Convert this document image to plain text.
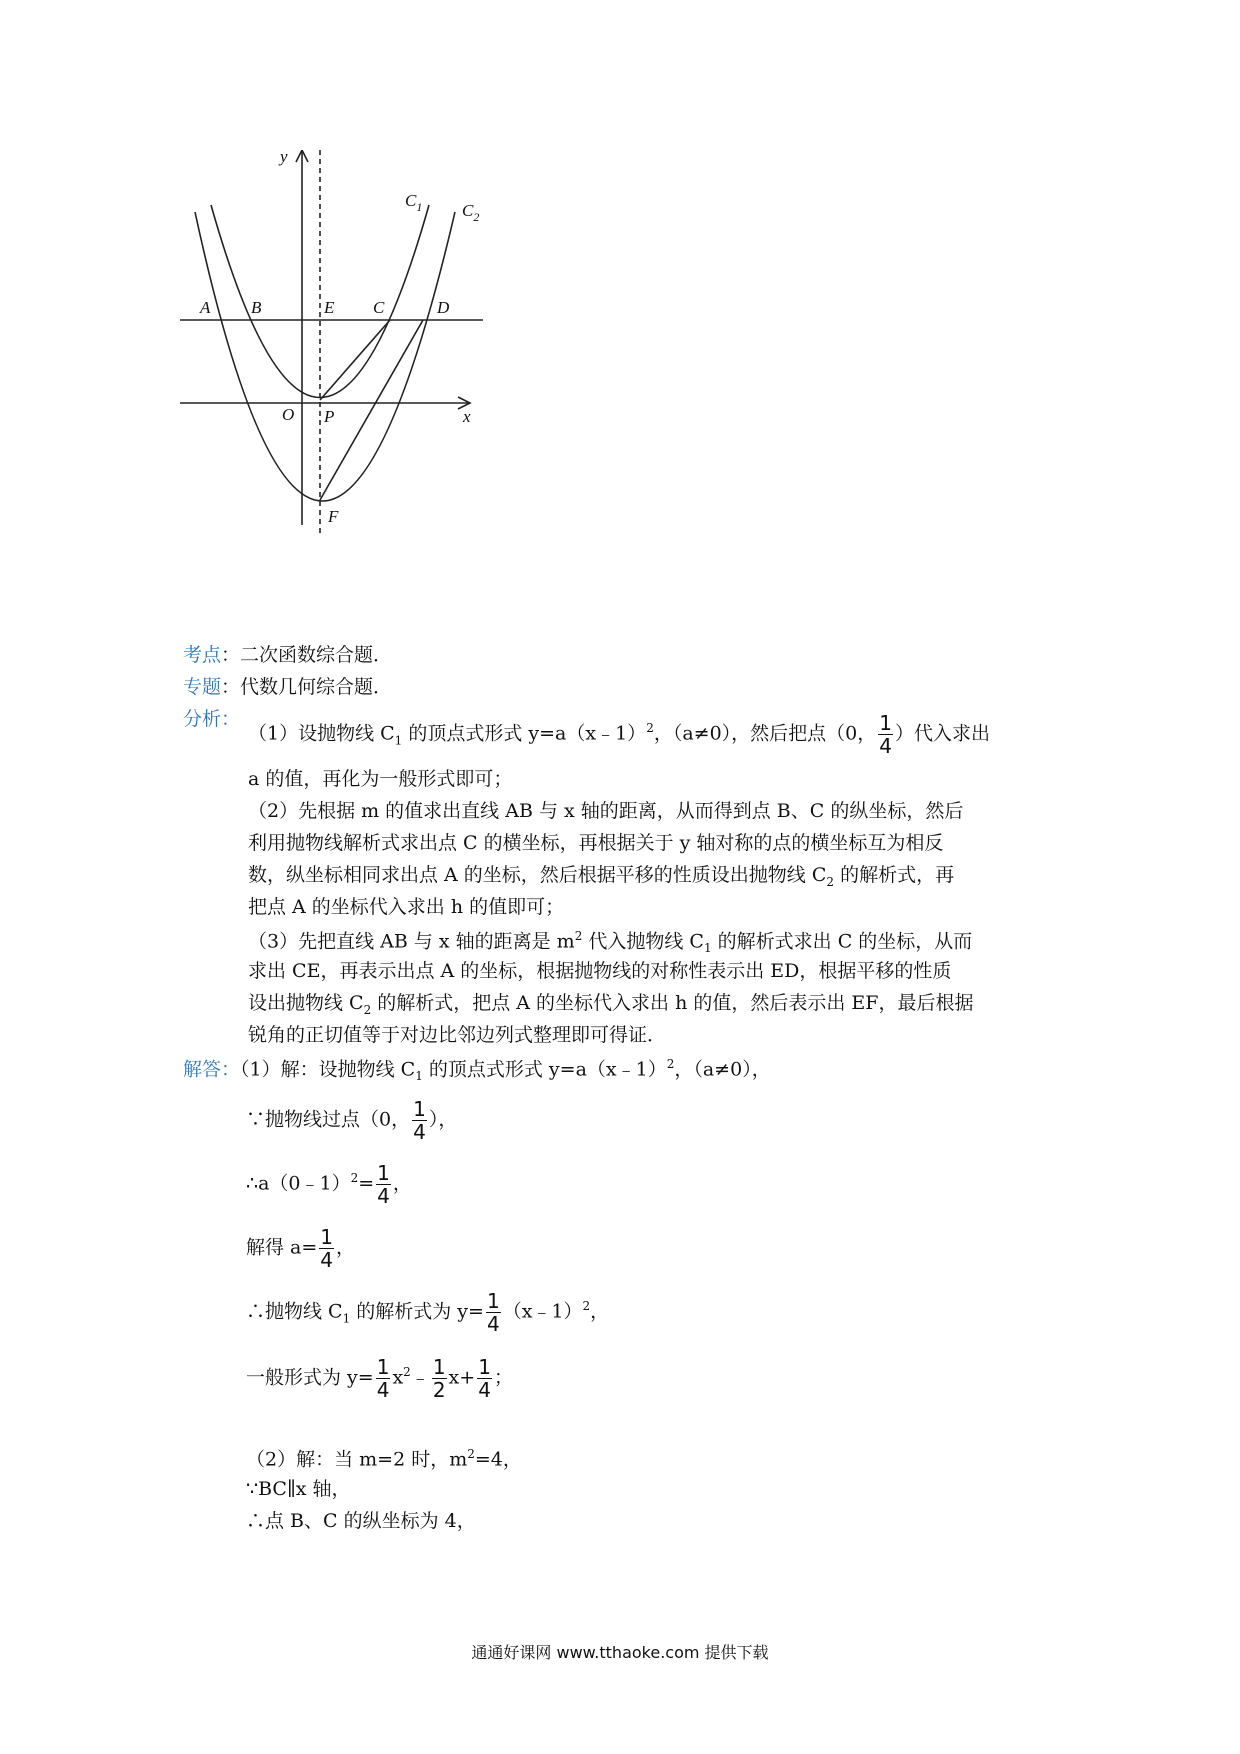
y
x
$C_1$ $C_2$
A B	E C	D
O P
F
考点：二次函数综合题．
专题：代数几何综合题．
分析：
（1）设抛物线 $C_1$ 的顶点式形式 y=a（x﹣1）$^2$，（a≠0），然后把点（0， $\frac{1}{4}$ ）代入求出
a 的值，再化为一般形式即可；
（2）先根据 m 的值求出直线 AB 与 x 轴的距离，从而得到点 B、C 的纵坐标，然后
利用抛物线解析式求出点 C 的横坐标，再根据关于 y 轴对称的点的横坐标互为相反
数，纵坐标相同求出点 A 的坐标，然后根据平移的性质设出抛物线 $C_2$ 的解析式，再
把点 A 的坐标代入求出 h 的值即可；
（3）先把直线 AB 与 x 轴的距离是 $m^2$ 代入抛物线 $C_1$ 的解析式求出 C 的坐标，从而
求出 CE，再表示出点 A 的坐标，根据抛物线的对称性表示出 ED，根据平移的性质
设出抛物线 $C_2$ 的解析式，把点 A 的坐标代入求出 h 的值，然后表示出 EF，最后根据
锐角的正切值等于对边比邻边列式整理即可得证．
解答：（1）解：设抛物线 $C_1$ 的顶点式形式 y=a（x﹣1）$^2$，（a≠0），
∵抛物线过点（0， $\frac{1}{4}$ ），
∴a（0﹣1）$^2$= $\frac{1}{4}$ ，
解得 $a= \frac{1}{4}$ ，
∴抛物线 $C_1$ 的解析式为 $y= \frac{1}{4}$ （x﹣1）$^2$，
一般形式为 $y= \frac{1}{4}$ $x^2﹣ \frac{1}{2} x+ \frac{1}{4}$ ；
（2）解：当 m=2 时，$m^2=4$，
∵BC∥x 轴，
∴点 B、C 的纵坐标为 4，
通通好课网 www.tthaoke.com 提供下载
